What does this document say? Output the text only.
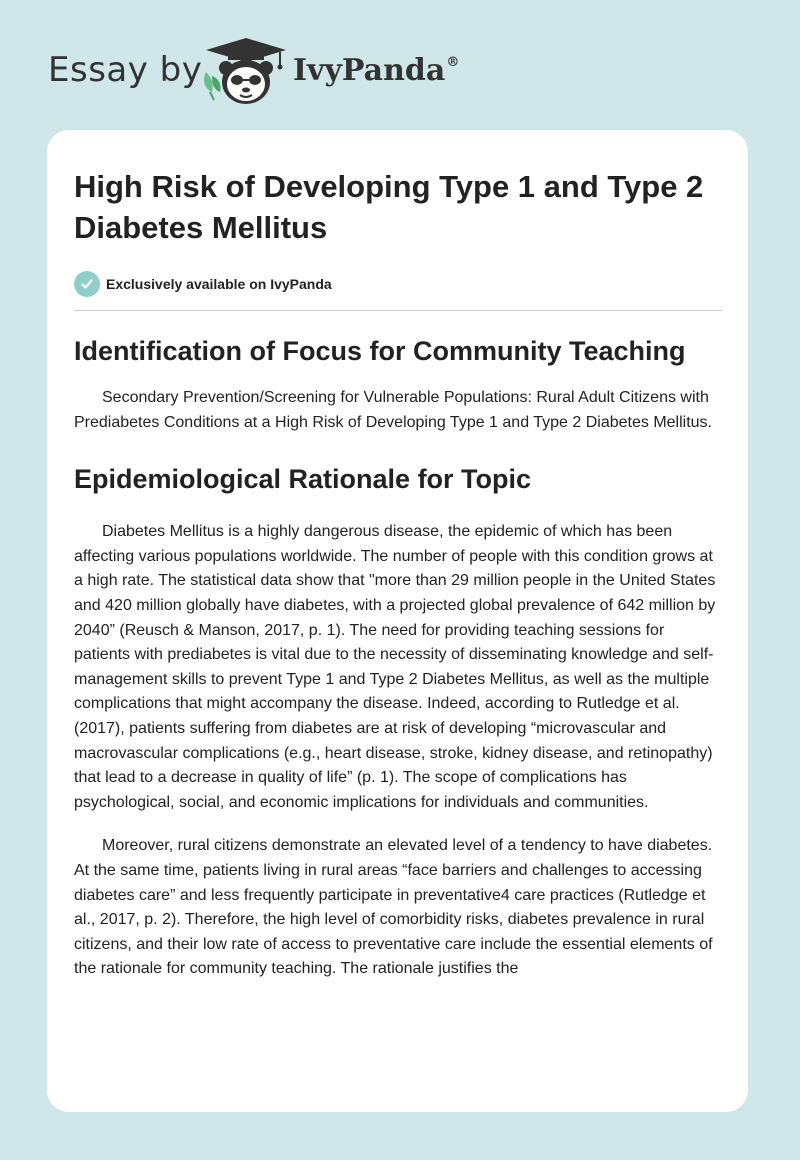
Essay by	IvyPanda®
High Risk of Developing Type 1 and Type 2 Diabetes Mellitus
Exclusively available on IvyPanda
Identification of Focus for Community Teaching

Secondary Prevention/Screening for Vulnerable Populations: Rural Adult Citizens with Prediabetes Conditions at a High Risk of Developing Type 1 and Type 2 Diabetes Mellitus.

Epidemiological Rationale for Topic

Diabetes Mellitus is a highly dangerous disease, the epidemic of which has been affecting various populations worldwide. The number of people with this condition grows at a high rate. The statistical data show that "more than 29 million people in the United States and 420 million globally have diabetes, with a projected global prevalence of 642 million by 2040” (Reusch & Manson, 2017, p. 1). The need for providing teaching sessions for patients with prediabetes is vital due to the necessity of disseminating knowledge and self-management skills to prevent Type 1 and Type 2 Diabetes Mellitus, as well as the multiple complications that might accompany the disease. Indeed, according to Rutledge et al. (2017), patients suffering from diabetes are at risk of developing “microvascular and macrovascular complications (e.g., heart disease, stroke, kidney disease, and retinopathy) that lead to a decrease in quality of life” (p. 1). The scope of complications has psychological, social, and economic implications for individuals and communities.

Moreover, rural citizens demonstrate an elevated level of a tendency to have diabetes. At the same time, patients living in rural areas “face barriers and challenges to accessing diabetes care” and less frequently participate in preventative4 care practices (Rutledge et al., 2017, p. 2). Therefore, the high level of comorbidity risks, diabetes prevalence in rural citizens, and their low rate of access to preventative care include the essential elements of the rationale for community teaching. The rationale justifies the
